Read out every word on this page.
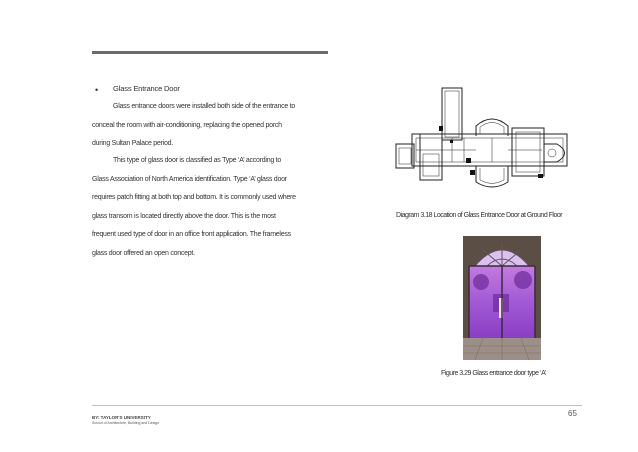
• Glass Entrance Door
Glass entrance doors were installed both side of the entrance to
conceal the room with air-conditioning, replacing the opened porch
during Sultan Palace period.
This type of glass door is classified as Type ‘A’ according to
Glass Association of North America identification. Type ‘A’ glass door
requires patch fitting at both top and bottom. It is commonly used where
glass transom is located directly above the door. This is the most
frequent used type of door in an office front application. The frameless
glass door offered an open concept.
Diagram 3.18 Location of Glass Entrance Door at Ground Floor
Figure 3.29 Glass entrance door type ‘A’
65
BY: TAYLOR'S UNIVERSITY
School of Architecture, Building and Design
